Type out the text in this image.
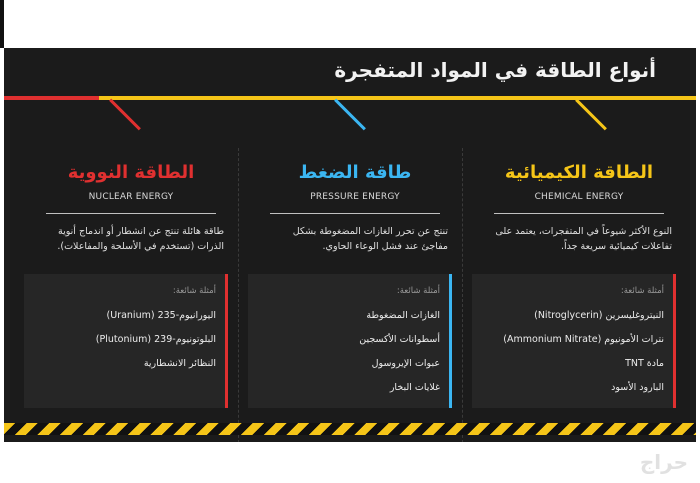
أنواع الطاقة في المواد المتفجرة
الطاقة الكيميائية
CHEMICAL ENERGY
النوع الأكثر شيوعاً في المتفجرات، يعتمد على تفاعلات كيميائية سريعة جداً.
طاقة الضغط
PRESSURE ENERGY
تنتج عن تحرر الغازات المضغوطة بشكل مفاجئ عند فشل الوعاء الحاوي.
الطاقة النووية
NUCLEAR ENERGY
طاقة هائلة تنتج عن انشطار أو اندماج أنوية الذرات (تستخدم في الأسلحة والمفاعلات).
أمثلة شائعة:
النيتروغليسرين (Nitroglycerin)
نترات الأمونيوم (Ammonium Nitrate)
مادة TNT
البارود الأسود
أمثلة شائعة:
الغازات المضغوطة
أسطوانات الأكسجين
عبوات الإيروسول
غلايات البخار
أمثلة شائعة:
اليورانيوم-235 (Uranium)
البلوتونيوم-239 (Plutonium)
النظائر الانشطارية
حراج
